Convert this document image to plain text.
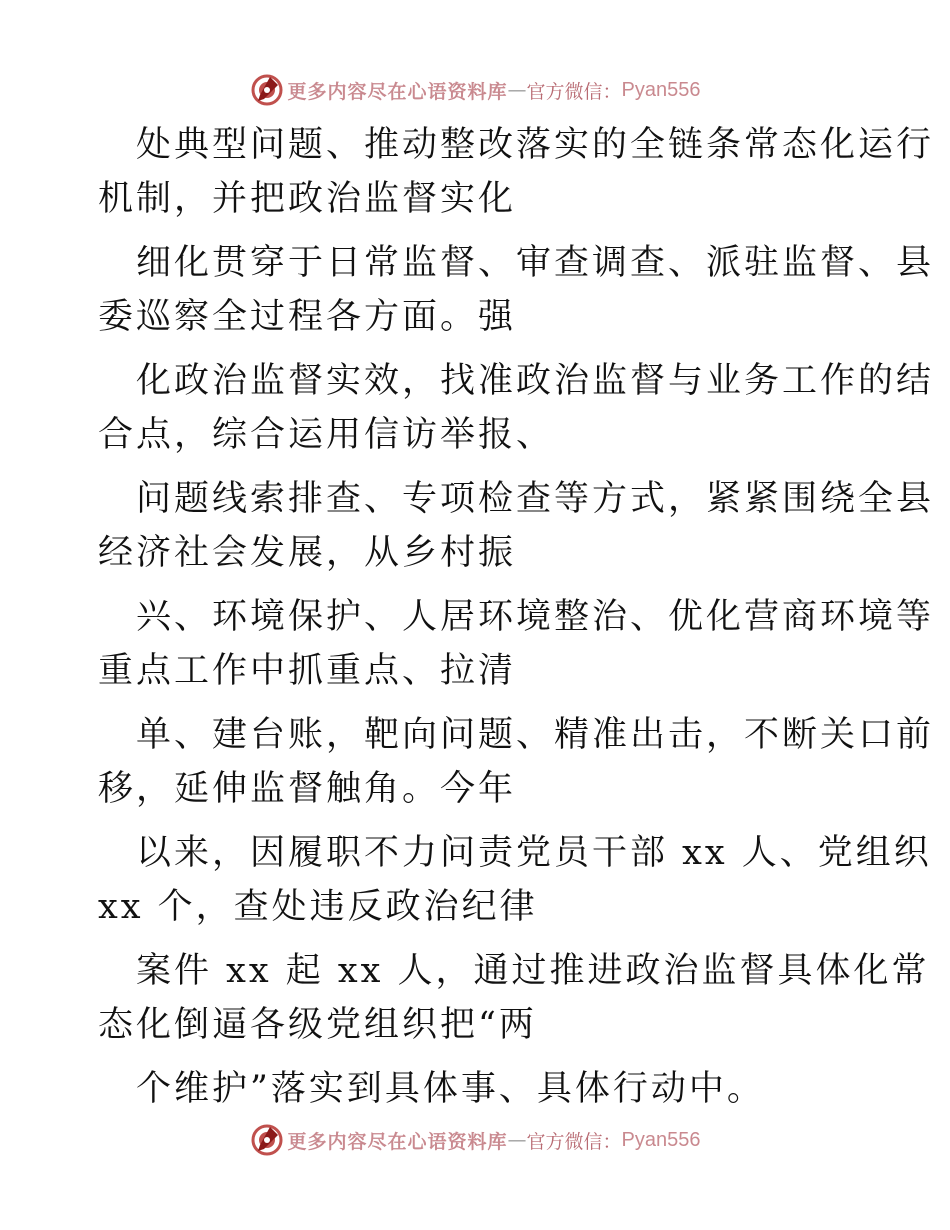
更多内容尽在心语资料库 — 官方微信： Pyan556

处典型问题、推动整改落实的全链条常态化运行
机制，并把政治监督实化

细化贯穿于日常监督、审查调查、派驻监督、县
委巡察全过程各方面。强

化政治监督实效，找准政治监督与业务工作的结
合点，综合运用信访举报、

问题线索排查、专项检查等方式，紧紧围绕全县
经济社会发展，从乡村振

兴、环境保护、人居环境整治、优化营商环境等
重点工作中抓重点、拉清

单、建台账，靶向问题、精准出击，不断关口前
移，延伸监督触角。今年

以来，因履职不力问责党员干部 xx 人、党组织
xx 个，查处违反政治纪律

案件 xx 起 xx 人，通过推进政治监督具体化常
态化倒逼各级党组织把“两

个维护”落实到具体事、具体行动中。

更多内容尽在心语资料库 — 官方微信： Pyan556
